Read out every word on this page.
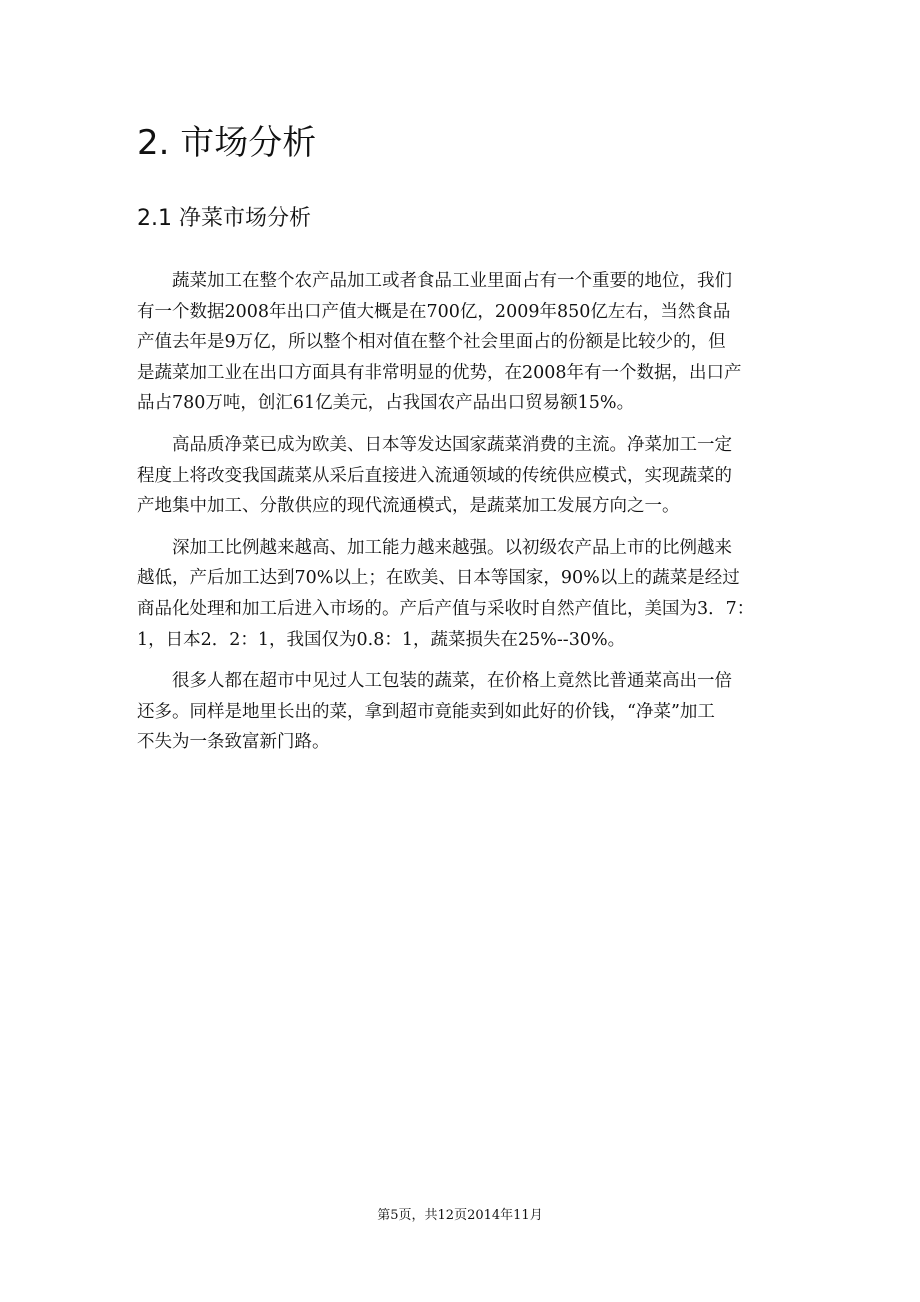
2. 市场分析
2.1 净菜市场分析
蔬菜加工在整个农产品加工或者食品工业里面占有一个重要的地位，我们
有一个数据2008年出口产值大概是在700亿，2009年850亿左右，当然食品
产值去年是9万亿，所以整个相对值在整个社会里面占的份额是比较少的，但
是蔬菜加工业在出口方面具有非常明显的优势，在2008年有一个数据，出口产
品占780万吨，创汇61亿美元，占我国农产品出口贸易额15%。
高品质净菜已成为欧美、日本等发达国家蔬菜消费的主流。净菜加工一定
程度上将改变我国蔬菜从采后直接进入流通领域的传统供应模式，实现蔬菜的
产地集中加工、分散供应的现代流通模式，是蔬菜加工发展方向之一。
深加工比例越来越高、加工能力越来越强。以初级农产品上市的比例越来
越低，产后加工达到70%以上；在欧美、日本等国家，90%以上的蔬菜是经过
商品化处理和加工后进入市场的。产后产值与采收时自然产值比，美国为3．7：
1，日本2．2：1，我国仅为0.8：1，蔬菜损失在25%--30%。
很多人都在超市中见过人工包装的蔬菜，在价格上竟然比普通菜高出一倍
还多。同样是地里长出的菜，拿到超市竟能卖到如此好的价钱，“净菜”加工
不失为一条致富新门路。
第5页，共12页2014年11月
